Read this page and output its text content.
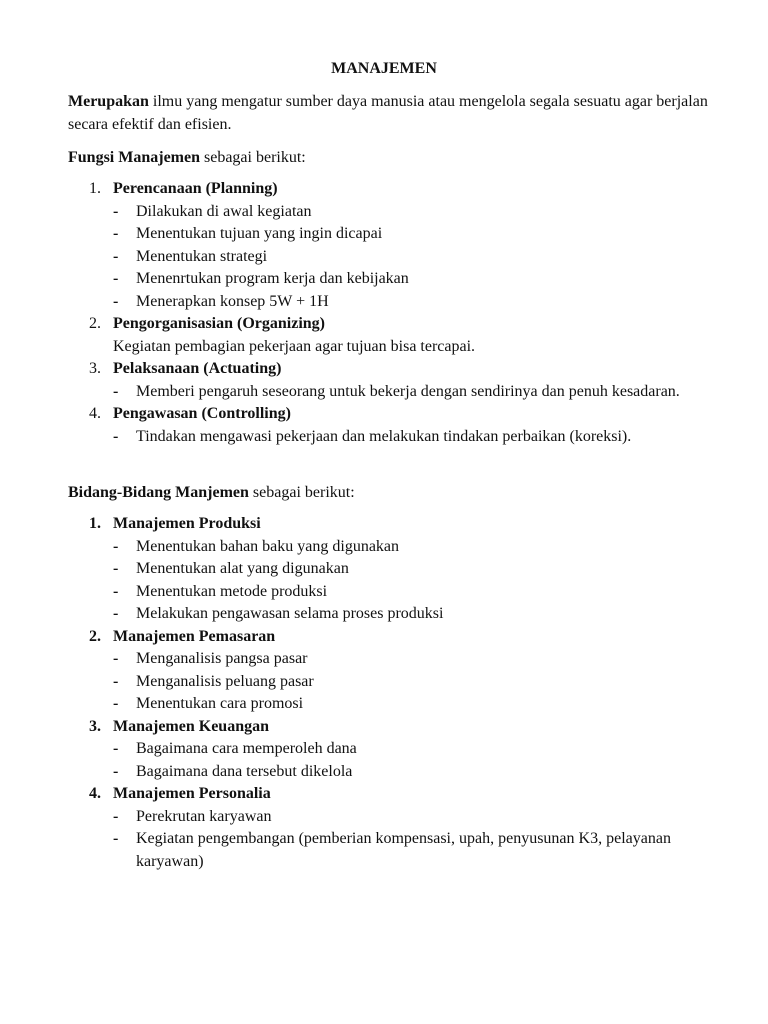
MANAJEMEN
Merupakan ilmu yang mengatur sumber daya manusia atau mengelola segala sesuatu agar berjalan secara efektif dan efisien.
Fungsi Manajemen sebagai berikut:
1. Perencanaan (Planning)
- Dilakukan di awal kegiatan
- Menentukan tujuan yang ingin dicapai
- Menentukan strategi
- Menenrtukan program kerja dan kebijakan
- Menerapkan konsep 5W + 1H
2. Pengorganisasian (Organizing)
Kegiatan pembagian pekerjaan agar tujuan bisa tercapai.
3. Pelaksanaan (Actuating)
- Memberi pengaruh seseorang untuk bekerja dengan sendirinya dan penuh kesadaran.
4. Pengawasan (Controlling)
- Tindakan mengawasi pekerjaan dan melakukan tindakan perbaikan (koreksi).
Bidang-Bidang Manjemen sebagai berikut:
1. Manajemen Produksi
- Menentukan bahan baku yang digunakan
- Menentukan alat yang digunakan
- Menentukan metode produksi
- Melakukan pengawasan selama proses produksi
2. Manajemen Pemasaran
- Menganalisis pangsa pasar
- Menganalisis peluang pasar
- Menentukan cara promosi
3. Manajemen Keuangan
- Bagaimana cara memperoleh dana
- Bagaimana dana tersebut dikelola
4. Manajemen Personalia
- Perekrutan karyawan
- Kegiatan pengembangan (pemberian kompensasi, upah, penyusunan K3, pelayanan karyawan)
